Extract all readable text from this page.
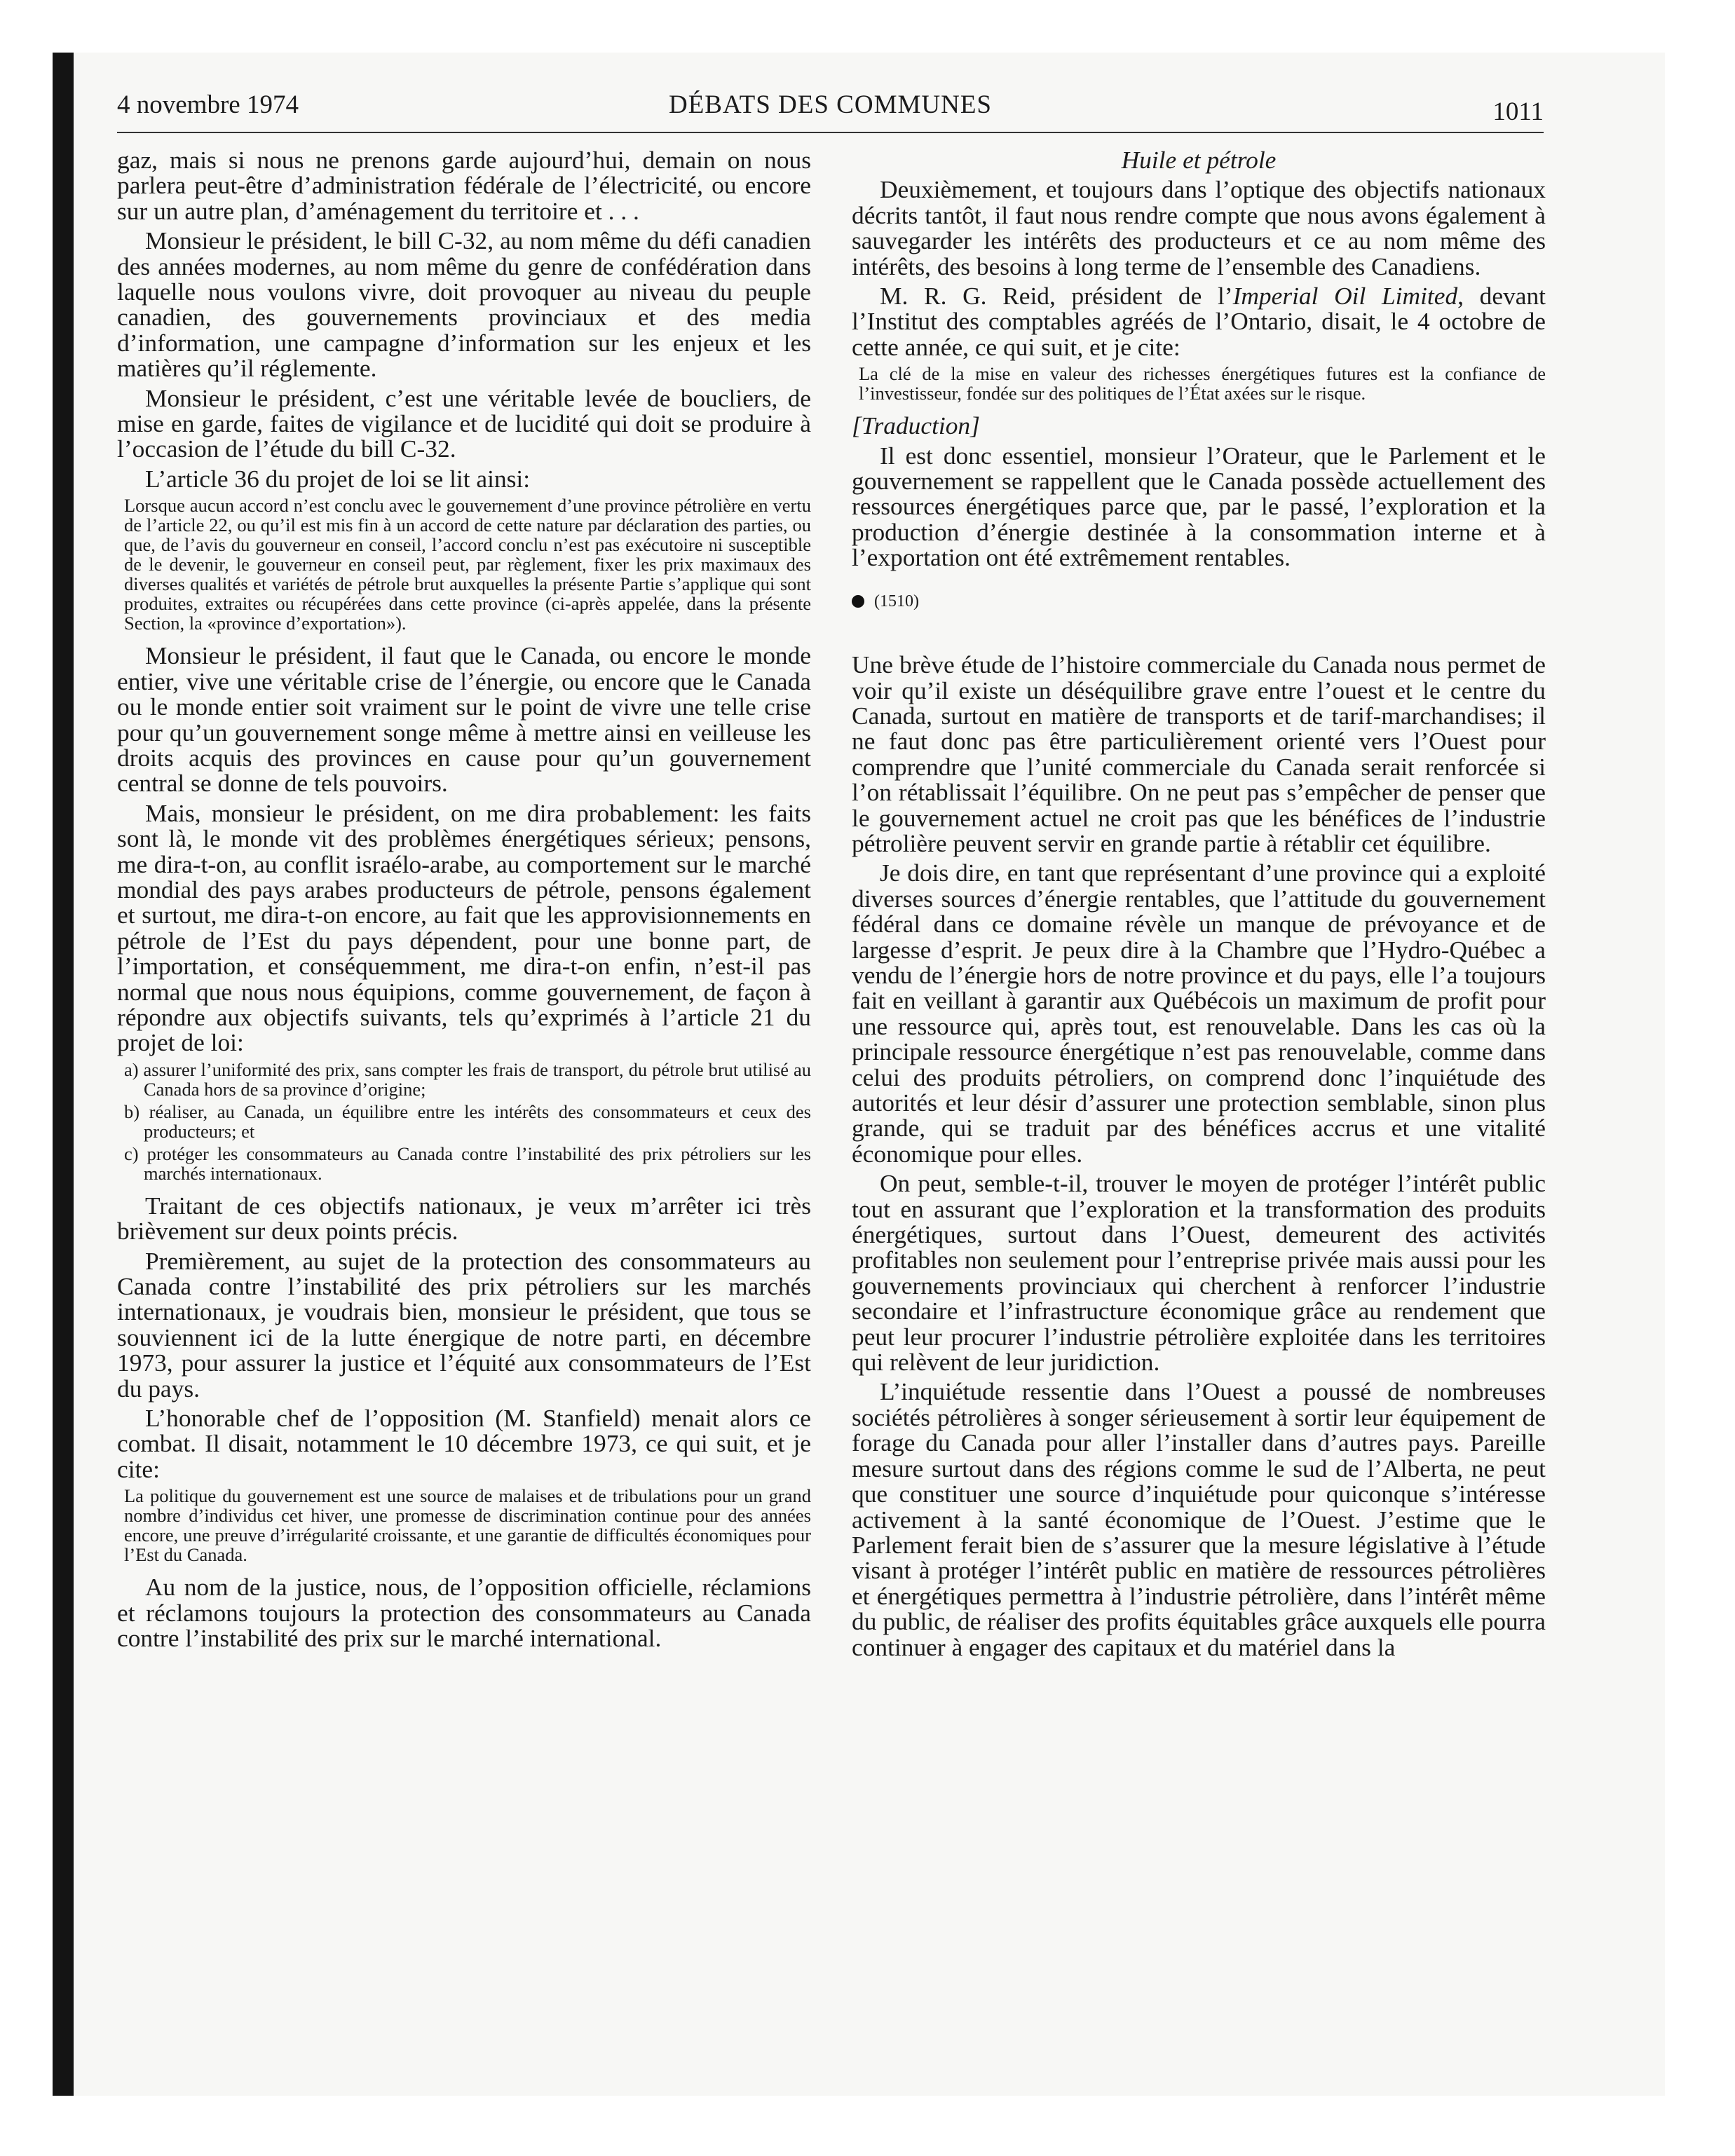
4 novembre 1974	DÉBATS DES COMMUNES	1011

gaz, mais si nous ne prenons garde aujourd’hui, demain on nous parlera peut-être d’administration fédérale de l’électricité, ou encore sur un autre plan, d’aménagement du territoire et . . .

Monsieur le président, le bill C-32, au nom même du défi canadien des années modernes, au nom même du genre de confédération dans laquelle nous voulons vivre, doit provoquer au niveau du peuple canadien, des gouvernements provinciaux et des media d’information, une campagne d’information sur les enjeux et les matières qu’il réglemente.

Monsieur le président, c’est une véritable levée de boucliers, de mise en garde, faites de vigilance et de lucidité qui doit se produire à l’occasion de l’étude du bill C-32.

L’article 36 du projet de loi se lit ainsi:

Lorsque aucun accord n’est conclu avec le gouvernement d’une province pétrolière en vertu de l’article 22, ou qu’il est mis fin à un accord de cette nature par déclaration des parties, ou que, de l’avis du gouverneur en conseil, l’accord conclu n’est pas exécutoire ni susceptible de le devenir, le gouverneur en conseil peut, par règlement, fixer les prix maximaux des diverses qualités et variétés de pétrole brut auxquelles la présente Partie s’applique qui sont produites, extraites ou récupérées dans cette province (ci-après appelée, dans la présente Section, la «province d’exportation»).

Monsieur le président, il faut que le Canada, ou encore le monde entier, vive une véritable crise de l’énergie, ou encore que le Canada ou le monde entier soit vraiment sur le point de vivre une telle crise pour qu’un gouvernement songe même à mettre ainsi en veilleuse les droits acquis des provinces en cause pour qu’un gouvernement central se donne de tels pouvoirs.

Mais, monsieur le président, on me dira probablement: les faits sont là, le monde vit des problèmes énergétiques sérieux; pensons, me dira-t-on, au conflit israélo-arabe, au comportement sur le marché mondial des pays arabes producteurs de pétrole, pensons également et surtout, me dira-t-on encore, au fait que les approvisionnements en pétrole de l’Est du pays dépendent, pour une bonne part, de l’importation, et conséquemment, me dira-t-on enfin, n’est-il pas normal que nous nous équipions, comme gouvernement, de façon à répondre aux objectifs suivants, tels qu’exprimés à l’article 21 du projet de loi:

a) assurer l’uniformité des prix, sans compter les frais de transport, du pétrole brut utilisé au Canada hors de sa province d’origine;
b) réaliser, au Canada, un équilibre entre les intérêts des consommateurs et ceux des producteurs; et
c) protéger les consommateurs au Canada contre l’instabilité des prix pétroliers sur les marchés internationaux.

Traitant de ces objectifs nationaux, je veux m’arrêter ici très brièvement sur deux points précis.

Premièrement, au sujet de la protection des consommateurs au Canada contre l’instabilité des prix pétroliers sur les marchés internationaux, je voudrais bien, monsieur le président, que tous se souviennent ici de la lutte énergique de notre parti, en décembre 1973, pour assurer la justice et l’équité aux consommateurs de l’Est du pays.

L’honorable chef de l’opposition (M. Stanfield) menait alors ce combat. Il disait, notamment le 10 décembre 1973, ce qui suit, et je cite:

La politique du gouvernement est une source de malaises et de tribulations pour un grand nombre d’individus cet hiver, une promesse de discrimination continue pour des années encore, une preuve d’irrégularité croissante, et une garantie de difficultés économiques pour l’Est du Canada.

Au nom de la justice, nous, de l’opposition officielle, réclamions et réclamons toujours la protection des consommateurs au Canada contre l’instabilité des prix sur le marché international.

Huile et pétrole

Deuxièmement, et toujours dans l’optique des objectifs nationaux décrits tantôt, il faut nous rendre compte que nous avons également à sauvegarder les intérêts des producteurs et ce au nom même des intérêts, des besoins à long terme de l’ensemble des Canadiens.

M. R. G. Reid, président de l’Imperial Oil Limited, devant l’Institut des comptables agréés de l’Ontario, disait, le 4 octobre de cette année, ce qui suit, et je cite:

La clé de la mise en valeur des richesses énergétiques futures est la confiance de l’investisseur, fondée sur des politiques de l’État axées sur le risque.

[Traduction]

Il est donc essentiel, monsieur l’Orateur, que le Parlement et le gouvernement se rappellent que le Canada possède actuellement des ressources énergétiques parce que, par le passé, l’exploration et la production d’énergie destinée à la consommation interne et à l’exportation ont été extrêmement rentables.

(1510)

Une brève étude de l’histoire commerciale du Canada nous permet de voir qu’il existe un déséquilibre grave entre l’ouest et le centre du Canada, surtout en matière de transports et de tarif-marchandises; il ne faut donc pas être particulièrement orienté vers l’Ouest pour comprendre que l’unité commerciale du Canada serait renforcée si l’on rétablissait l’équilibre. On ne peut pas s’empêcher de penser que le gouvernement actuel ne croit pas que les bénéfices de l’industrie pétrolière peuvent servir en grande partie à rétablir cet équilibre.

Je dois dire, en tant que représentant d’une province qui a exploité diverses sources d’énergie rentables, que l’attitude du gouvernement fédéral dans ce domaine révèle un manque de prévoyance et de largesse d’esprit. Je peux dire à la Chambre que l’Hydro-Québec a vendu de l’énergie hors de notre province et du pays, elle l’a toujours fait en veillant à garantir aux Québécois un maximum de profit pour une ressource qui, après tout, est renouvelable. Dans les cas où la principale ressource énergétique n’est pas renouvelable, comme dans celui des produits pétroliers, on comprend donc l’inquiétude des autorités et leur désir d’assurer une protection semblable, sinon plus grande, qui se traduit par des bénéfices accrus et une vitalité économique pour elles.

On peut, semble-t-il, trouver le moyen de protéger l’intérêt public tout en assurant que l’exploration et la transformation des produits énergétiques, surtout dans l’Ouest, demeurent des activités profitables non seulement pour l’entreprise privée mais aussi pour les gouvernements provinciaux qui cherchent à renforcer l’industrie secondaire et l’infrastructure économique grâce au rendement que peut leur procurer l’industrie pétrolière exploitée dans les territoires qui relèvent de leur juridiction.

L’inquiétude ressentie dans l’Ouest a poussé de nombreuses sociétés pétrolières à songer sérieusement à sortir leur équipement de forage du Canada pour aller l’installer dans d’autres pays. Pareille mesure surtout dans des régions comme le sud de l’Alberta, ne peut que constituer une source d’inquiétude pour quiconque s’intéresse activement à la santé économique de l’Ouest. J’estime que le Parlement ferait bien de s’assurer que la mesure législative à l’étude visant à protéger l’intérêt public en matière de ressources pétrolières et énergétiques permettra à l’industrie pétrolière, dans l’intérêt même du public, de réaliser des profits équitables grâce auxquels elle pourra continuer à engager des capitaux et du matériel dans la
